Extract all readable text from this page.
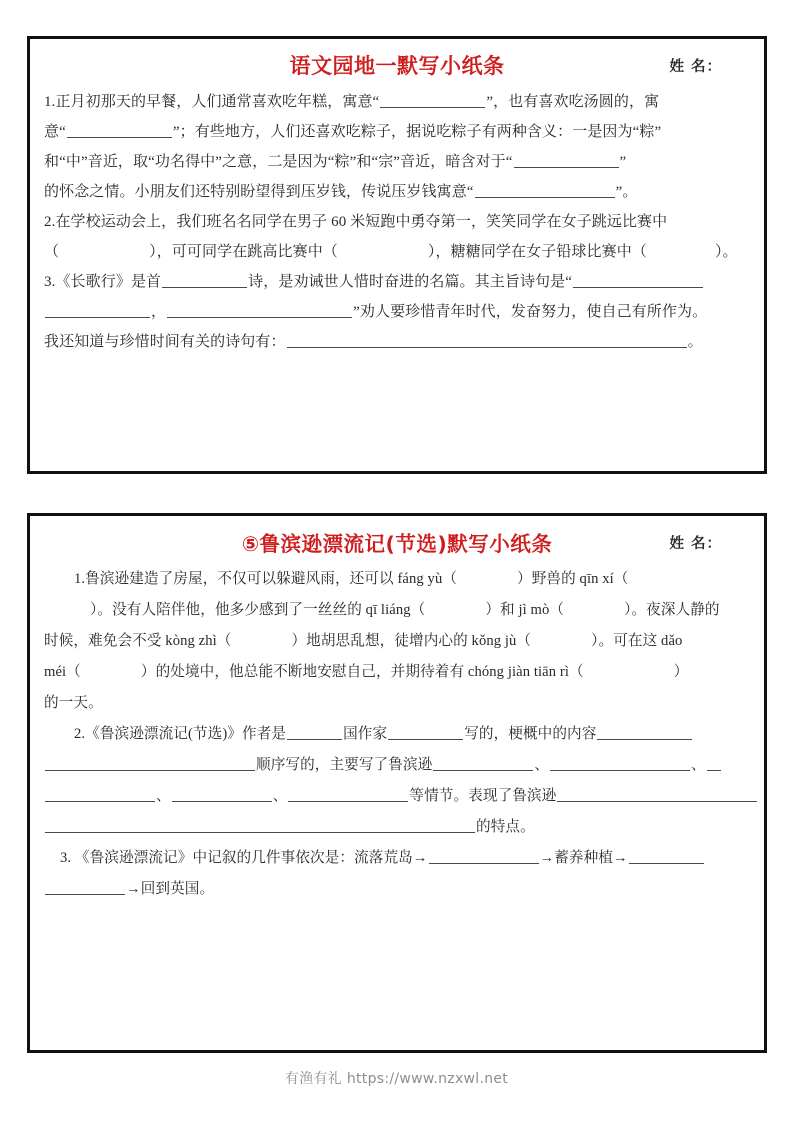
语文园地一默写小纸条	姓 名：
1.正月初那天的早餐，人们通常喜欢吃年糕，寓意“	”，也有喜欢吃汤圆的，寓
意“	”；有些地方，人们还喜欢吃粽子，据说吃粽子有两种含义：一是因为“粽”
和“中”音近，取“功名得中”之意，二是因为“粽”和“宗”音近，暗含对于“	”
的怀念之情。小朋友们还特别盼望得到压岁钱，传说压岁钱寓意“	”。
2.在学校运动会上，我们班名名同学在男子 60 米短跑中勇夺第一，笑笑同学在女子跳远比赛中
（	），可可同学在跳高比赛中（	），糖糖同学在女子铅球比赛中（	）。
3.《长歌行》是首	诗，是劝诫世人惜时奋进的名篇。其主旨诗句是“
，	”劝人要珍惜青年时代，发奋努力，使自己有所作为。
我还知道与珍惜时间有关的诗句有：	。
⑤鲁滨逊漂流记(节选)默写小纸条	姓 名：
1.鲁滨逊建造了房屋，不仅可以躲避风雨，还可以 fáng yù（	）野兽的 qīn xí（
）。没有人陪伴他，他多少感到了一丝丝的 qī liáng（	）和 jì mò（	）。夜深人静的
时候，难免会不受 kòng zhì（	）地胡思乱想，徒增内心的 kǒng jù（	）。可在这 dǎo
méi（	）的处境中，他总能不断地安慰自己，并期待着有 chóng jiàn tiān rì（	）
的一天。
2.《鲁滨逊漂流记(节选)》作者是	国作家	写的，梗概中的内容
顺序写的，主要写了鲁滨逊	、	、
、	、	等情节。表现了鲁滨逊
的特点。
3. 《鲁滨逊漂流记》中记叙的几件事依次是：流落荒岛→	→蓄养种植→
→回到英国。
有渔有礼 https://www.nzxwl.net
